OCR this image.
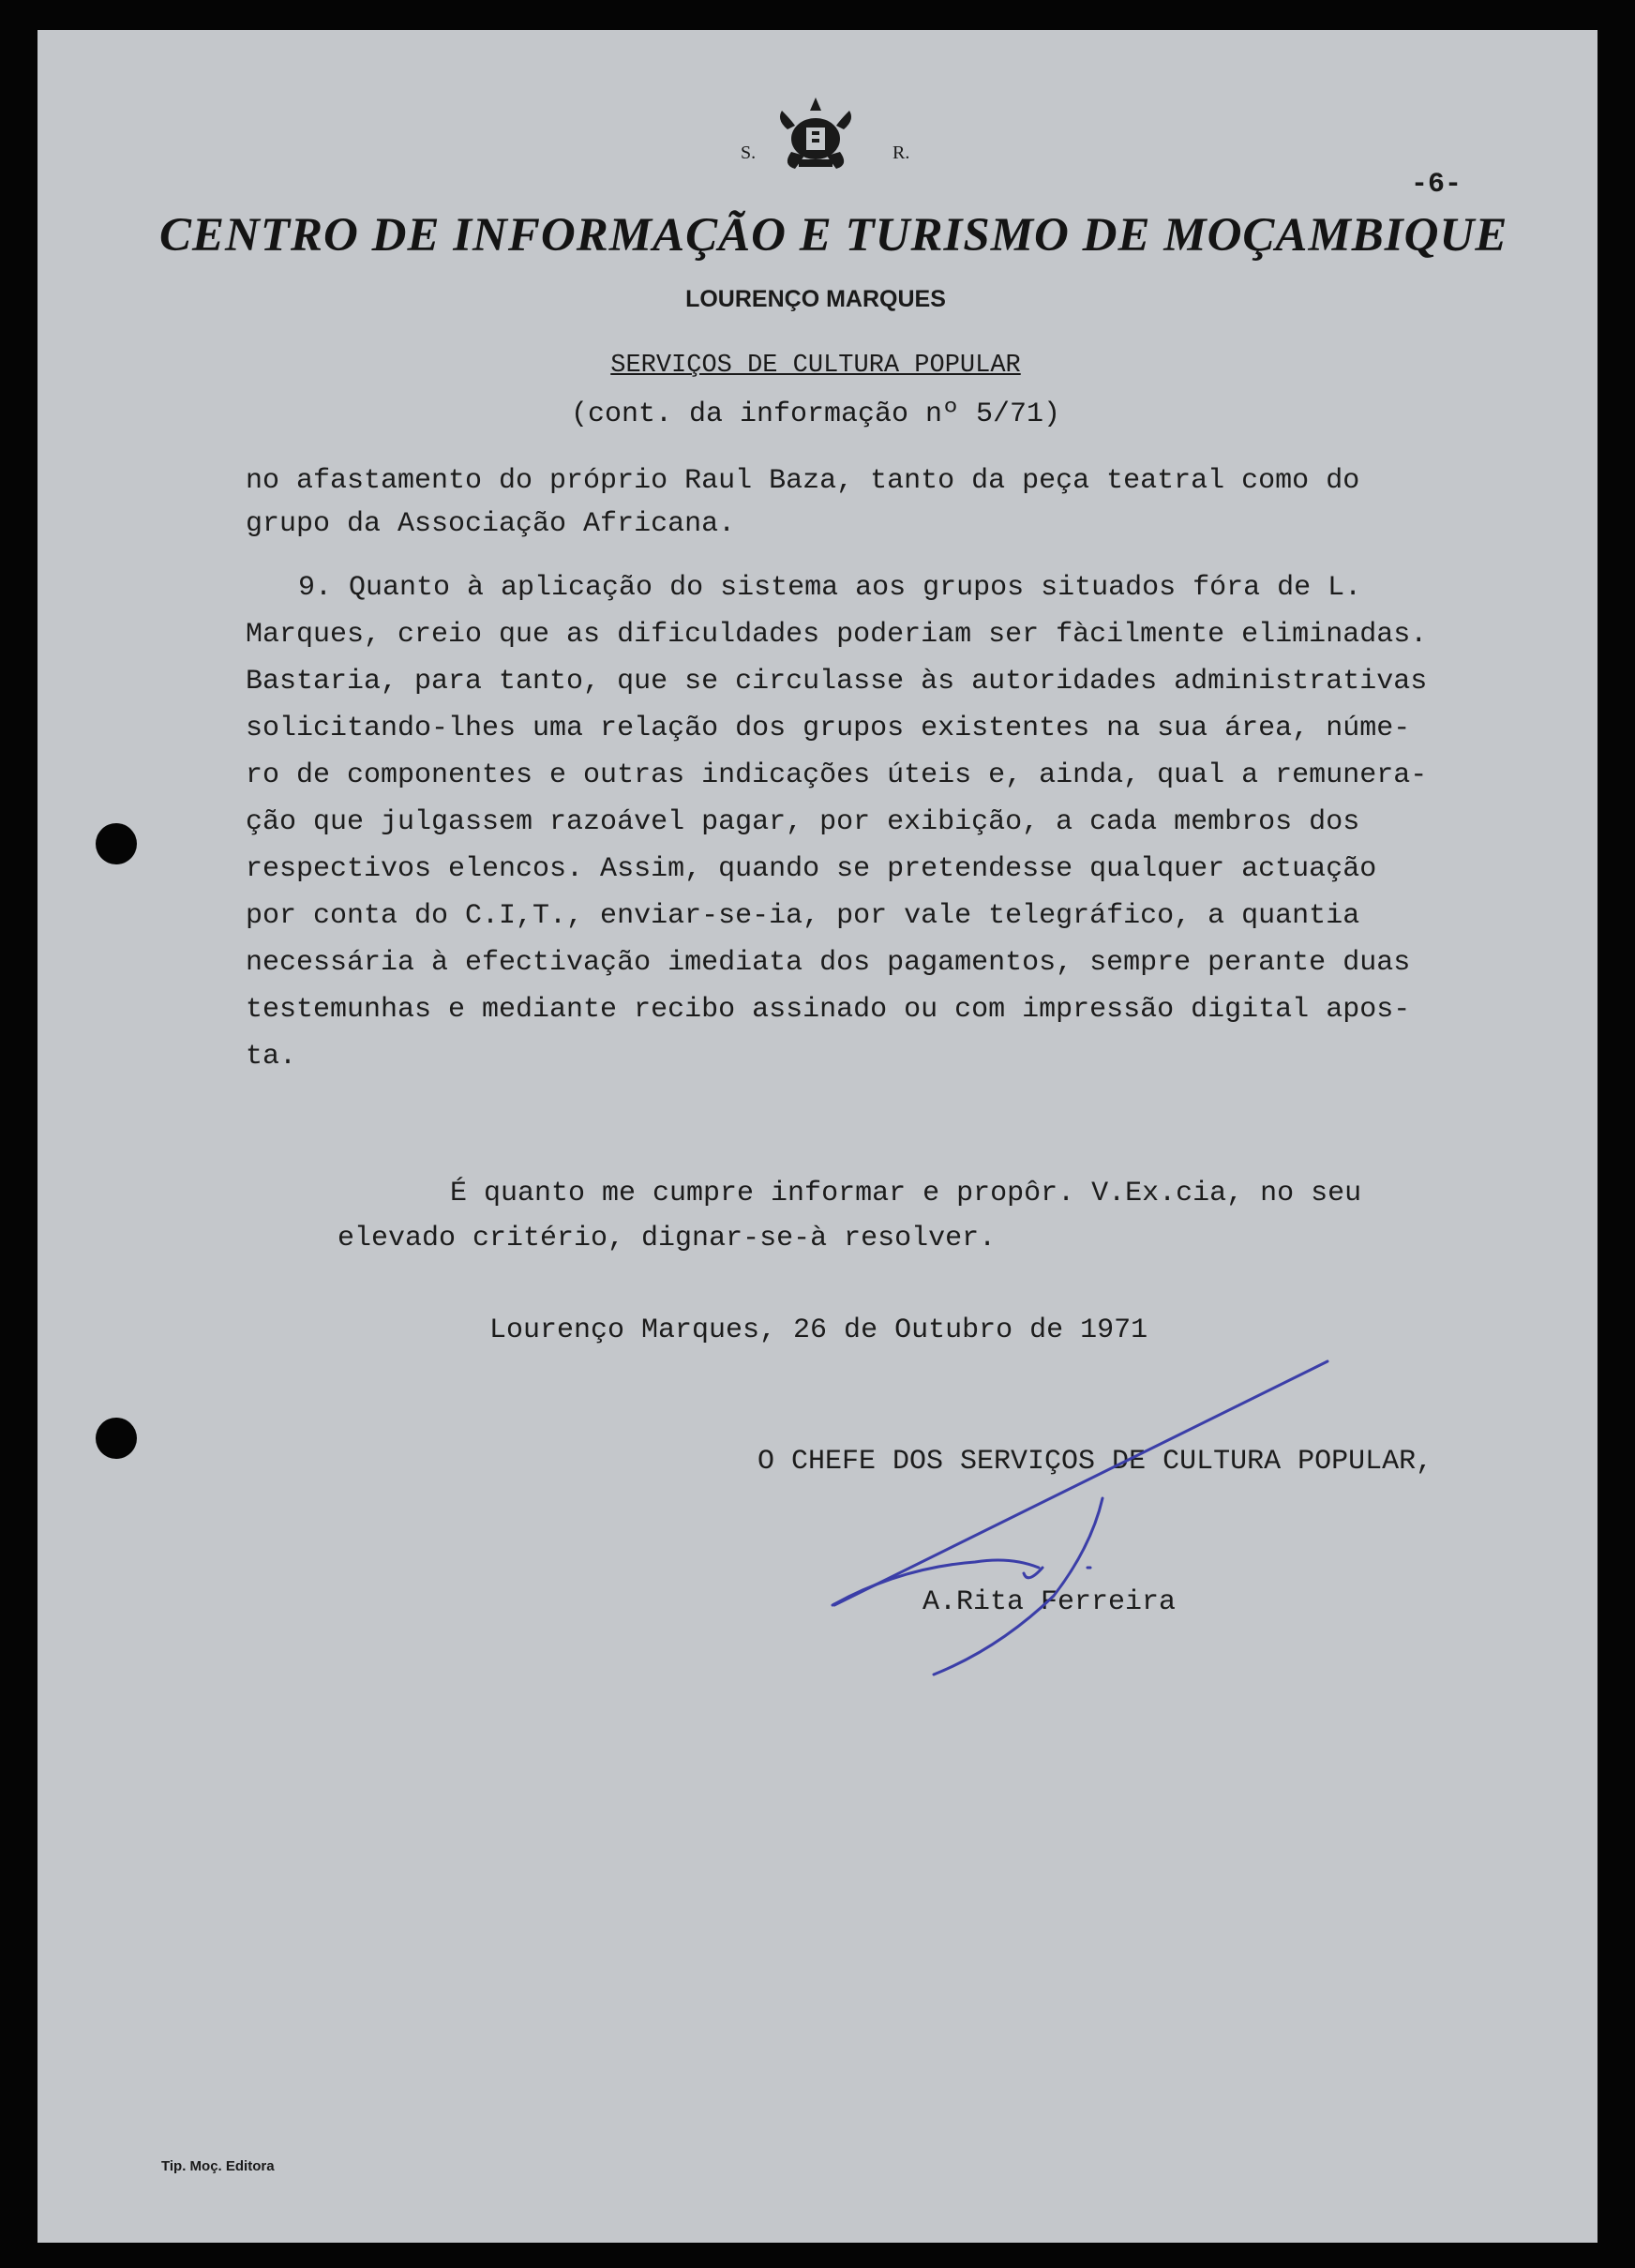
S.	R.
-6-
CENTRO DE INFORMAÇÃO E TURISMO DE MOÇAMBIQUE
LOURENÇO MARQUES
SERVIÇOS DE CULTURA POPULAR
(cont. da informação nº 5/71)
no afastamento do próprio Raul Baza, tanto da peça teatral como do
grupo da Associação Africana.
9. Quanto à aplicação do sistema aos grupos situados fóra de L.
Marques, creio que as dificuldades poderiam ser fàcilmente eliminadas.
Bastaria, para tanto, que se circulasse às autoridades administrativas
solicitando-lhes uma relação dos grupos existentes na sua área, núme-
ro de componentes e outras indicações úteis e, ainda, qual a remunera-
ção que julgassem razoável pagar, por exibição, a cada membros dos
respectivos elencos. Assim, quando se pretendesse qualquer actuação
por conta do C.I,T., enviar-se-ia, por vale telegráfico, a quantia
necessária à efectivação imediata dos pagamentos, sempre perante duas
testemunhas e mediante recibo assinado ou com impressão digital apos-
ta.
É quanto me cumpre informar e propôr. V.Ex.cia, no seu
elevado critério, dignar-se-à resolver.
Lourenço Marques, 26 de Outubro de 1971
O CHEFE DOS SERVIÇOS DE CULTURA POPULAR,
A.Rita Ferreira
Tip. Moç. Editora
